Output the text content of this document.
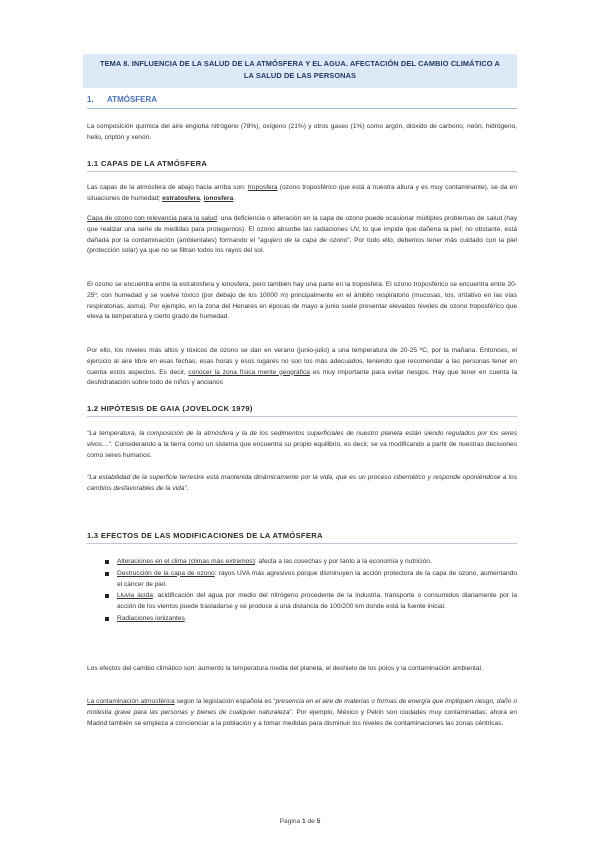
TEMA 8. INFLUENCIA DE LA SALUD DE LA ATMÓSFERA Y EL AGUA. AFECTACIÓN DEL CAMBIO CLIMÁTICO A
LA SALUD DE LAS PERSONAS
1. ATMÓSFERA

La composición química del aire engloba nitrógeno (78%), oxígeno (21%) y otros gases (1%) como argón, dióxido de carbono, neón, hidrógeno, helio, criptón y xenón.

1.1 CAPAS DE LA ATMÓSFERA

Las capas de la atmósfera de abajo hacia arriba son: troposfera (ozono troposférico que está a nuestra altura y es muy contaminante), se da en situaciones de humedad; estratosfera, ionosfera.

Capa de ozono con relevancia para la salud: una deficiencia o alteración en la capa de ozono puede ocasionar múltiples problemas de salud (hay que realizar una serie de medidas para protegernos). El ozono absorbe las radiaciones UV, lo que impide que dañena la piel; no obstante, está dañada por la contaminación (ambientales) formando el “agujero de la capa de ozono”. Por todo ello, debemos tener más cuidado con la piel (protección solar) ya que no se filtran todos los rayos del sol.

El ozono se encuentra entre la estratosfera y ionosfera, pero también hay una parte en la troposfera. El ozono troposférico se encuentra entre 20-25º, con humedad y se vuelve tóxico (por debajo de los 10000 m) principalmente en el ámbito respiratorio (mucosas, tos, irritativo en las vías respiratorias, asma). Por ejemplo, en la zona del Henares en épocas de mayo a junio suele presentar elevados niveles de ozono troposférico que eleva la temperatura y cierto grado de humedad.

Por ello, los niveles más altos y tóxicos de ozono se dan en verano (junio-julio) a una temperatura de 20-25 ºC, por la mañana. Entonces, el ejercicio al aire libre en esas fechas, esas horas y esos lugares no son los más adecuados, teniendo que recomendar a las personas tener en cuenta estos aspectos. Es decir, conocer la zona física mente geográfica es muy importante para evitar riesgos. Hay que tener en cuenta la deshidratación sobre todo de niños y ancianos

1.2 HIPÓTESIS DE GAIA (JOVELOCK 1979)

“La temperatura, la composición de la atmósfera y la de los sedimentos superficiales de nuestro planeta están siendo regulados por los seres vivos…”. Considerando a la tierra como un sistema que encuentra su propio equilibrio, es decir, se va modificando a partir de nuestras decisiones como seres humanos.

“La estabilidad de la superficie terrestre está mantenida dinámicamente por la vida, que es un proceso cibernético y responde oponiéndose a los cambios desfavorables de la vida”.

1.3 EFECTOS DE LAS MODIFICACIONES DE LA ATMÓSFERA
Alteraciones en el clima (climas más extremos): afecta a las cosechas y por tanto a la economía y nutrición.
Destrucción de la capa de ozono: rayos UVA más agresivos porque disminuyen la acción protectora de la capa de ozono, aumentando el cáncer de piel.
Lluvia ácida: acidificación del agua por medio del nitrógeno procedente de la industria, transporte o consumidos diariamente por la acción de los vientos puede trasladarse y se produce a una distancia de 100/200 km donde está la fuente inicial.
Radiaciones ionizantes.

Los efectos del cambio climático son: aumento la temperatura media del planeta, el deshielo de los polos y la contaminación ambiental.

La contaminación atmosférica según la legislación española es “presencia en el aire de materias o formas de energía que impliquen riesgo, daño o molestia grave para las personas y bienes de cualquier naturaleza”. Por ejemplo, México y Pekín son ciudades muy contaminadas; ahora en Madrid también se empieza a concienciar a la población y a tomar medidas para disminuir los niveles de contaminaciones las zonas céntricas.

Página 1 de 5
